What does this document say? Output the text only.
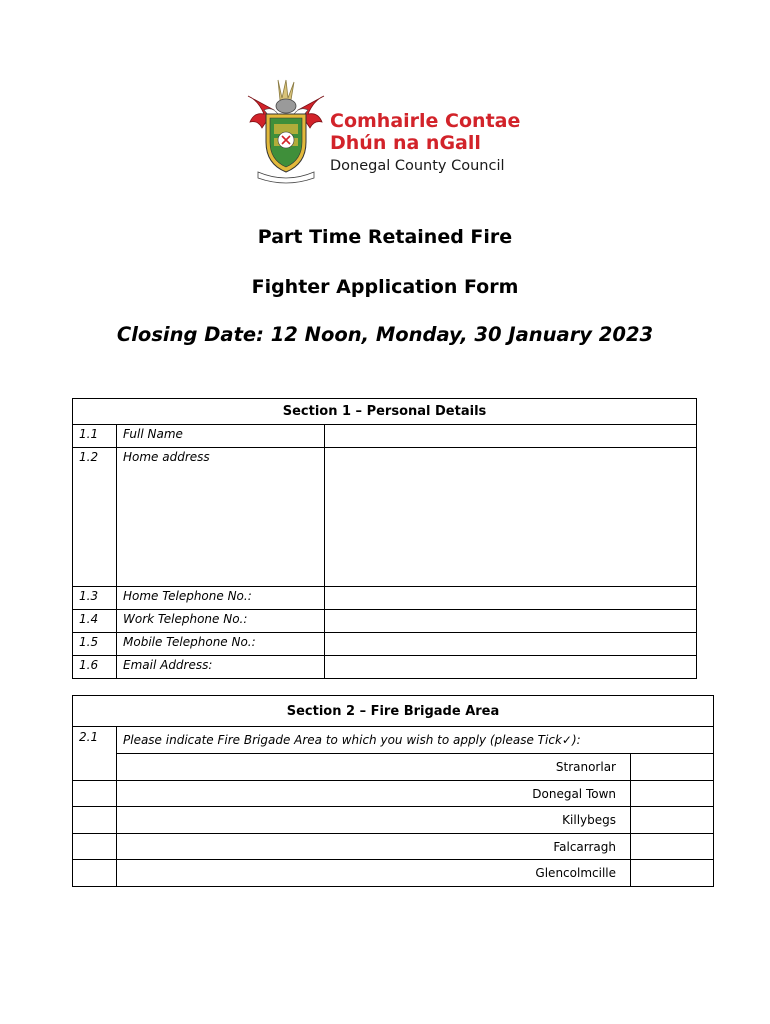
Comhairle Contae
Dhún na nGall
Donegal County Council
Part Time Retained Fire
Fighter Application Form
Closing Date: 12 Noon, Monday, 30 January 2023
Section 1 – Personal Details		
1.1	Full Name	
1.2	Home address	
1.3	Home Telephone No.:	
1.4	Work Telephone No.:	
1.5	Mobile Telephone No.:	
1.6	Email Address:	
Section 2 – Fire Brigade Area		
2.1	Please indicate Fire Brigade Area to which you wish to apply (please Tick✓):	
	Stranorlar	
	Donegal Town	
	Killybegs	
	Falcarragh	
	Glencolmcille	
